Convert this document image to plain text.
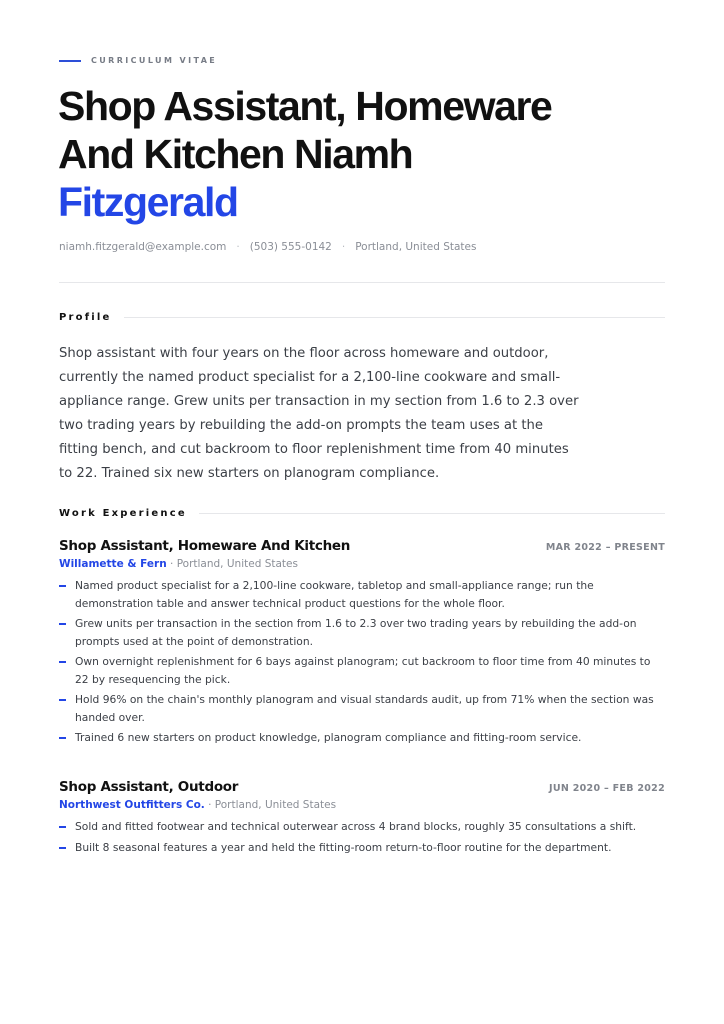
CURRICULUM VITAE
Shop Assistant, Homeware
And Kitchen Niamh
Fitzgerald
niamh.fitzgerald@example.com · (503) 555-0142 · Portland, United States
Profile
Shop assistant with four years on the floor across homeware and outdoor, currently the named product specialist for a 2,100-line cookware and small-appliance range. Grew units per transaction in my section from 1.6 to 2.3 over two trading years by rebuilding the add-on prompts the team uses at the fitting bench, and cut backroom to floor replenishment time from 40 minutes to 22. Trained six new starters on planogram compliance.
Work Experience
Shop Assistant, Homeware And Kitchen	MAR 2022 – PRESENT
Willamette & Fern · Portland, United States
Named product specialist for a 2,100-line cookware, tabletop and small-appliance range; run the demonstration table and answer technical product questions for the whole floor.
Grew units per transaction in the section from 1.6 to 2.3 over two trading years by rebuilding the add-on prompts used at the point of demonstration.
Own overnight replenishment for 6 bays against planogram; cut backroom to floor time from 40 minutes to 22 by resequencing the pick.
Hold 96% on the chain's monthly planogram and visual standards audit, up from 71% when the section was handed over.
Trained 6 new starters on product knowledge, planogram compliance and fitting-room service.
Shop Assistant, Outdoor	JUN 2020 – FEB 2022
Northwest Outfitters Co. · Portland, United States
Sold and fitted footwear and technical outerwear across 4 brand blocks, roughly 35 consultations a shift.
Built 8 seasonal features a year and held the fitting-room return-to-floor routine for the department.
